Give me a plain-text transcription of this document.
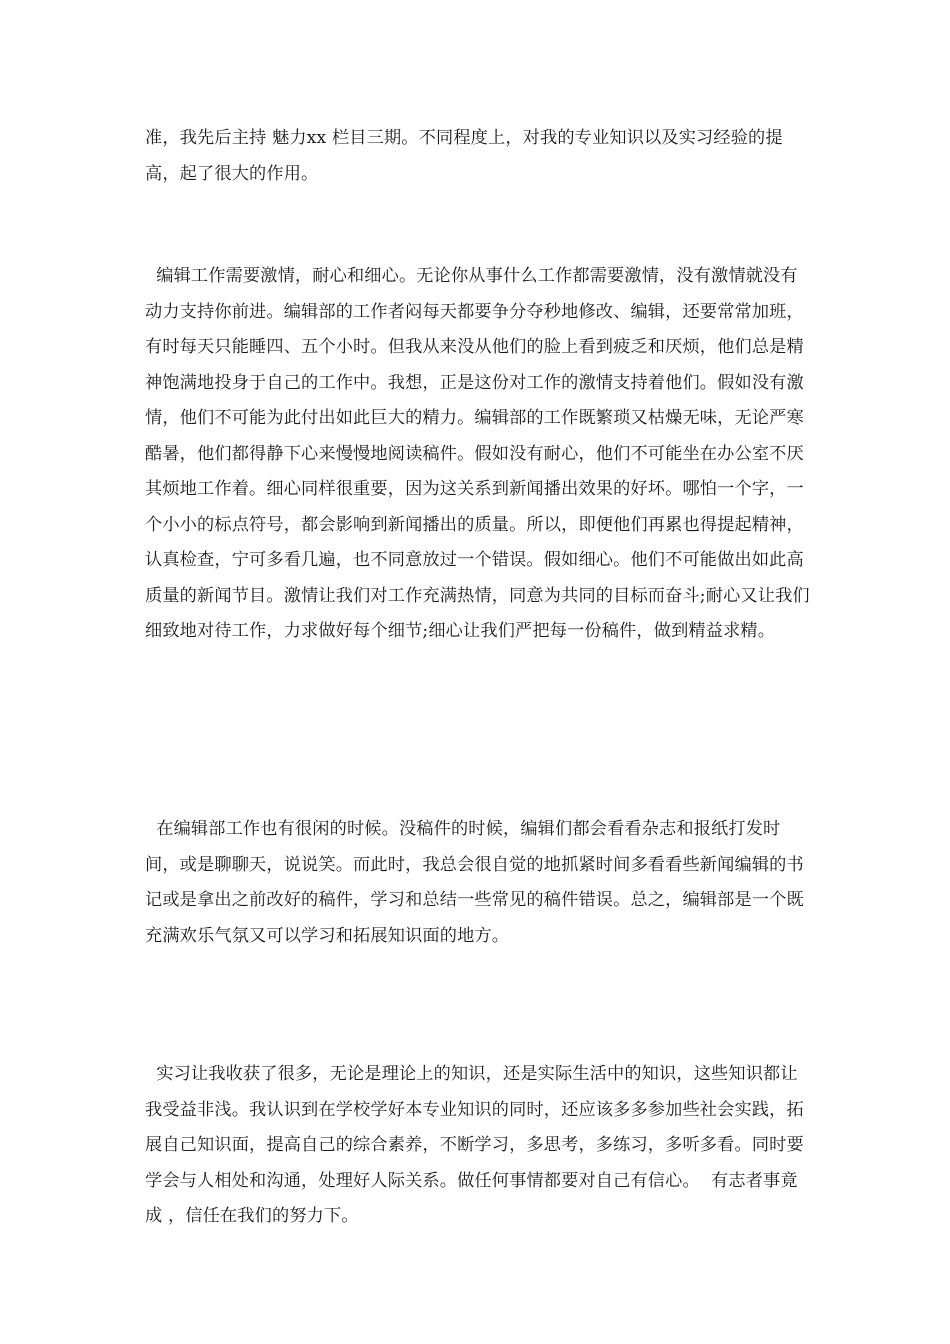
准，我先后主持 魅力xx 栏目三期。不同程度上，对我的专业知识以及实习经验的提高，起了很大的作用。

编辑工作需要激情，耐心和细心。无论你从事什么工作都需要激情，没有激情就没有动力支持你前进。编辑部的工作者闷每天都要争分夺秒地修改、编辑，还要常常加班，有时每天只能睡四、五个小时。但我从来没从他们的脸上看到疲乏和厌烦，他们总是精神饱满地投身于自己的工作中。我想，正是这份对工作的激情支持着他们。假如没有激情，他们不可能为此付出如此巨大的精力。编辑部的工作既繁琐又枯燥无味，无论严寒酷暑，他们都得静下心来慢慢地阅读稿件。假如没有耐心，他们不可能坐在办公室不厌其烦地工作着。细心同样很重要，因为这关系到新闻播出效果的好坏。哪怕一个字，一个小小的标点符号，都会影响到新闻播出的质量。所以，即便他们再累也得提起精神，认真检查，宁可多看几遍，也不同意放过一个错误。假如细心。他们不可能做出如此高质量的新闻节目。激情让我们对工作充满热情，同意为共同的目标而奋斗;耐心又让我们细致地对待工作，力求做好每个细节;细心让我们严把每一份稿件，做到精益求精。

在编辑部工作也有很闲的时候。没稿件的时候，编辑们都会看看杂志和报纸打发时间，或是聊聊天，说说笑。而此时，我总会很自觉的地抓紧时间多看看些新闻编辑的书记或是拿出之前改好的稿件，学习和总结一些常见的稿件错误。总之，编辑部是一个既充满欢乐气氛又可以学习和拓展知识面的地方。

实习让我收获了很多，无论是理论上的知识，还是实际生活中的知识，这些知识都让我受益非浅。我认识到在学校学好本专业知识的同时，还应该多多参加些社会实践，拓展自己知识面，提高自己的综合素养，不断学习，多思考，多练习，多听多看。同时要学会与人相处和沟通，处理好人际关系。做任何事情都要对自己有信心。  有志者事竟成 ，信任在我们的努力下。
